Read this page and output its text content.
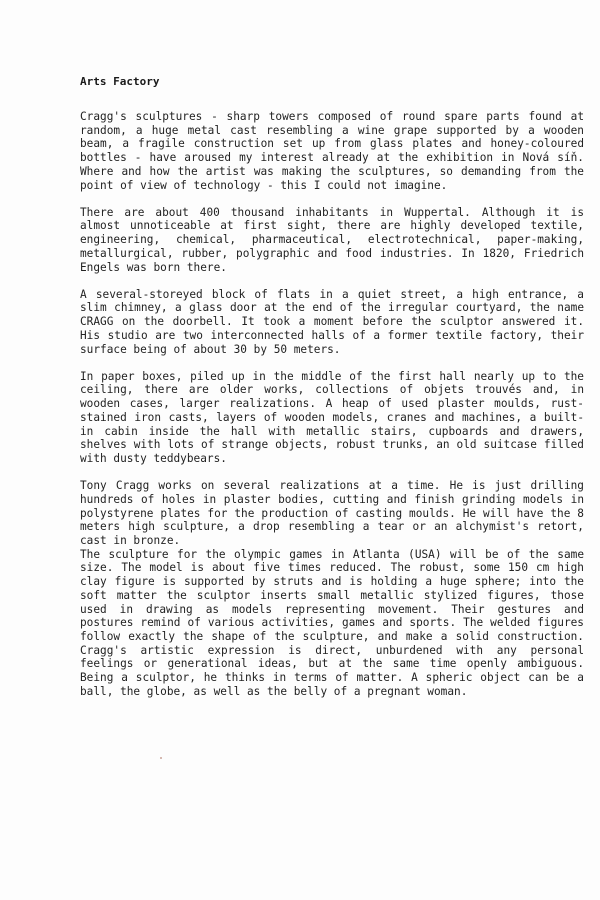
Arts Factory

Cragg's sculptures - sharp towers composed of round spare parts found at random, a huge metal cast resembling a wine grape supported by a wooden beam, a fragile construction set up from glass plates and honey-coloured bottles - have aroused my interest already at the exhibition in Nová síň. Where and how the artist was making the sculptures, so demanding from the point of view of technology - this I could not imagine.

There are about 400 thousand inhabitants in Wuppertal. Although it is almost unnoticeable at first sight, there are highly developed textile, engineering, chemical, pharmaceutical, electrotechnical, paper-making, metallurgical, rubber, polygraphic and food industries. In 1820, Friedrich Engels was born there.

A several-storeyed block of flats in a quiet street, a high entrance, a slim chimney, a glass door at the end of the irregular courtyard, the name CRAGG on the doorbell. It took a moment before the sculptor answered it. His studio are two interconnected halls of a former textile factory, their surface being of about 30 by 50 meters.

In paper boxes, piled up in the middle of the first hall nearly up to the ceiling, there are older works, collections of objets trouvés and, in wooden cases, larger realizations. A heap of used plaster moulds, rust-stained iron casts, layers of wooden models, cranes and machines, a built-in cabin inside the hall with metallic stairs, cupboards and drawers, shelves with lots of strange objects, robust trunks, an old suitcase filled with dusty teddybears.

Tony Cragg works on several realizations at a time. He is just drilling hundreds of holes in plaster bodies, cutting and finish grinding models in polystyrene plates for the production of casting moulds. He will have the 8 meters high sculpture, a drop resembling a tear or an alchymist's retort, cast in bronze.

The sculpture for the olympic games in Atlanta (USA) will be of the same size. The model is about five times reduced. The robust, some 150 cm high clay figure is supported by struts and is holding a huge sphere; into the soft matter the sculptor inserts small metallic stylized figures, those used in drawing as models representing movement. Their gestures and postures remind of various activities, games and sports. The welded figures follow exactly the shape of the sculpture, and make a solid construction. Cragg's artistic expression is direct, unburdened with any personal feelings or generational ideas, but at the same time openly ambiguous. Being a sculptor, he thinks in terms of matter. A spheric object can be a ball, the globe, as well as the belly of a pregnant woman.
